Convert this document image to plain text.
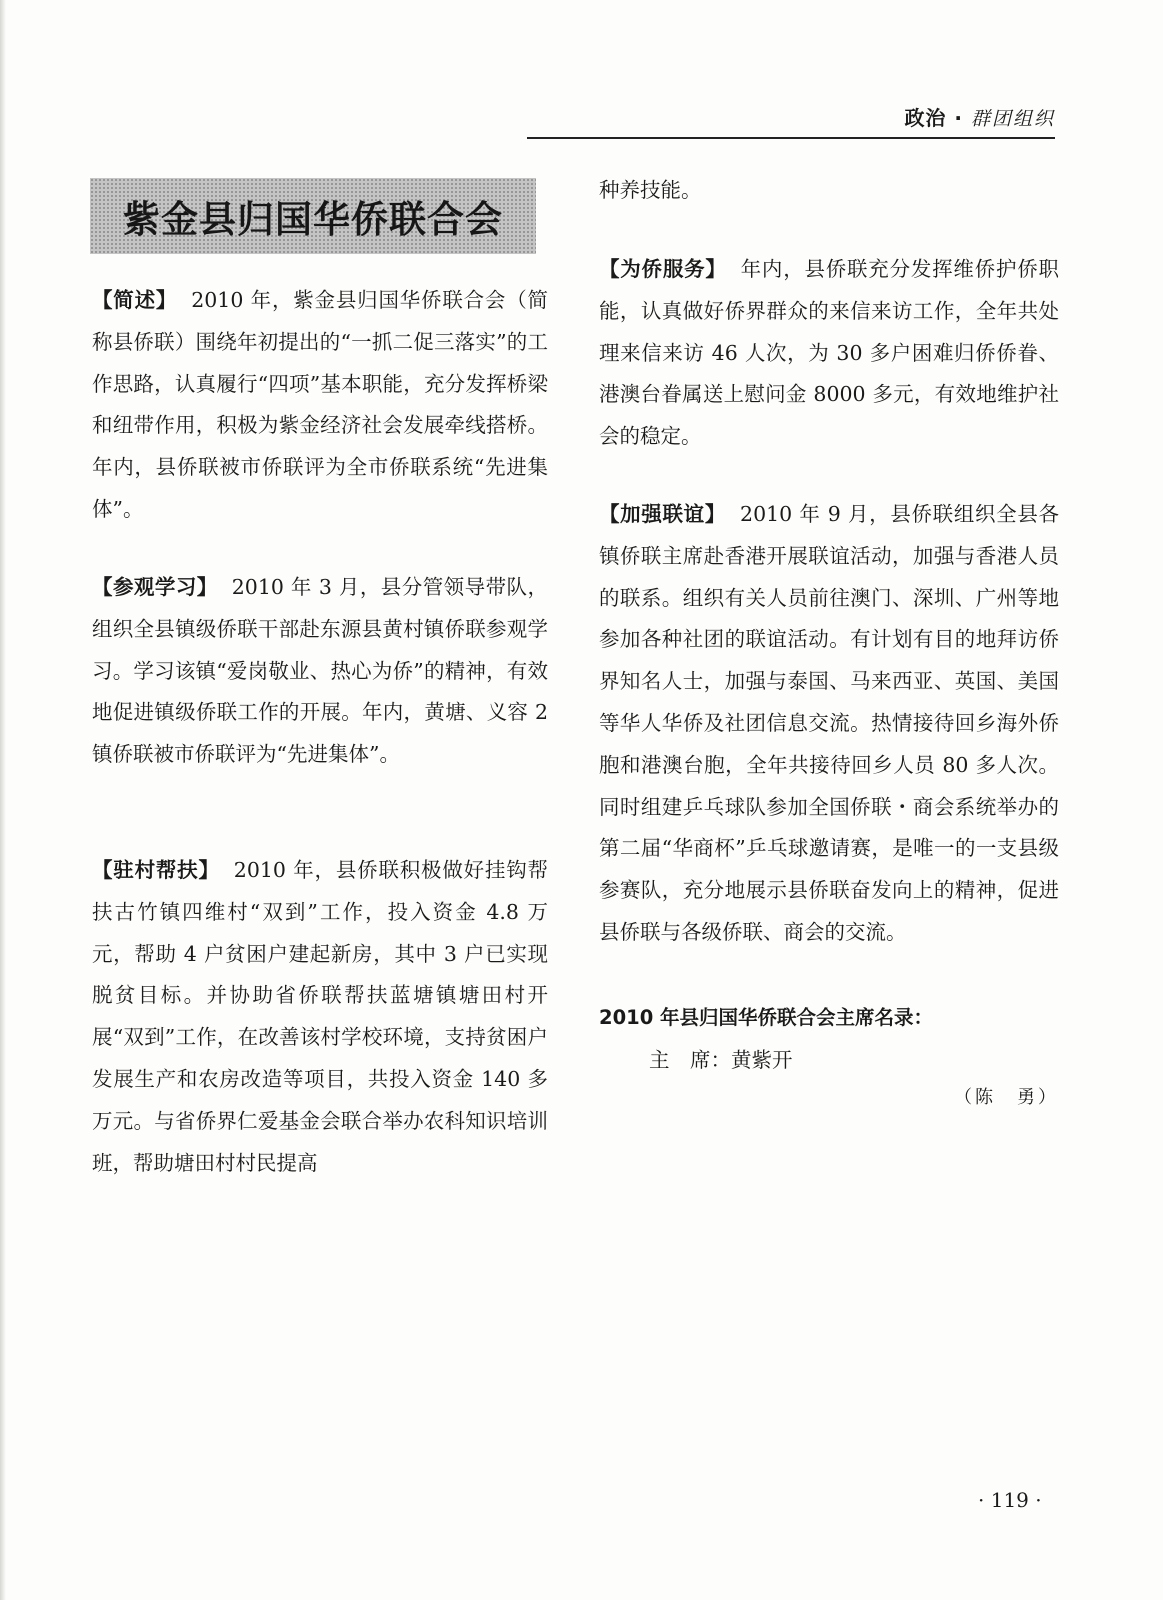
政治 · 群团组织
紫金县归国华侨联合会
【简述】 2010 年，紫金县归国华侨联合会（简称县侨联）围绕年初提出的“一抓二促三落实”的工作思路，认真履行“四项”基本职能，充分发挥桥梁和纽带作用，积极为紫金经济社会发展牵线搭桥。年内，县侨联被市侨联评为全市侨联系统“先进集体”。
【参观学习】 2010 年 3 月，县分管领导带队，组织全县镇级侨联干部赴东源县黄村镇侨联参观学习。学习该镇“爱岗敬业、热心为侨”的精神，有效地促进镇级侨联工作的开展。年内，黄塘、义容 2 镇侨联被市侨联评为“先进集体”。
【驻村帮扶】 2010 年，县侨联积极做好挂钩帮扶古竹镇四维村“双到”工作，投入资金 4.8 万元，帮助 4 户贫困户建起新房，其中 3 户已实现脱贫目标。并协助省侨联帮扶蓝塘镇塘田村开展“双到”工作，在改善该村学校环境，支持贫困户发展生产和农房改造等项目，共投入资金 140 多万元。与省侨界仁爱基金会联合举办农科知识培训班，帮助塘田村村民提高
种养技能。
【为侨服务】 年内，县侨联充分发挥维侨护侨职能，认真做好侨界群众的来信来访工作，全年共处理来信来访 46 人次，为 30 多户困难归侨侨眷、港澳台眷属送上慰问金 8000 多元，有效地维护社会的稳定。
【加强联谊】 2010 年 9 月，县侨联组织全县各镇侨联主席赴香港开展联谊活动，加强与香港人员的联系。组织有关人员前往澳门、深圳、广州等地参加各种社团的联谊活动。有计划有目的地拜访侨界知名人士，加强与泰国、马来西亚、英国、美国等华人华侨及社团信息交流。热情接待回乡海外侨胞和港澳台胞，全年共接待回乡人员 80 多人次。同时组建乒乓球队参加全国侨联・商会系统举办的第二届“华商杯”乒乓球邀请赛，是唯一的一支县级参赛队，充分地展示县侨联奋发向上的精神，促进县侨联与各级侨联、商会的交流。
2010 年县归国华侨联合会主席名录：
主　席：黄紫开
（陈　勇）
· 119 ·
